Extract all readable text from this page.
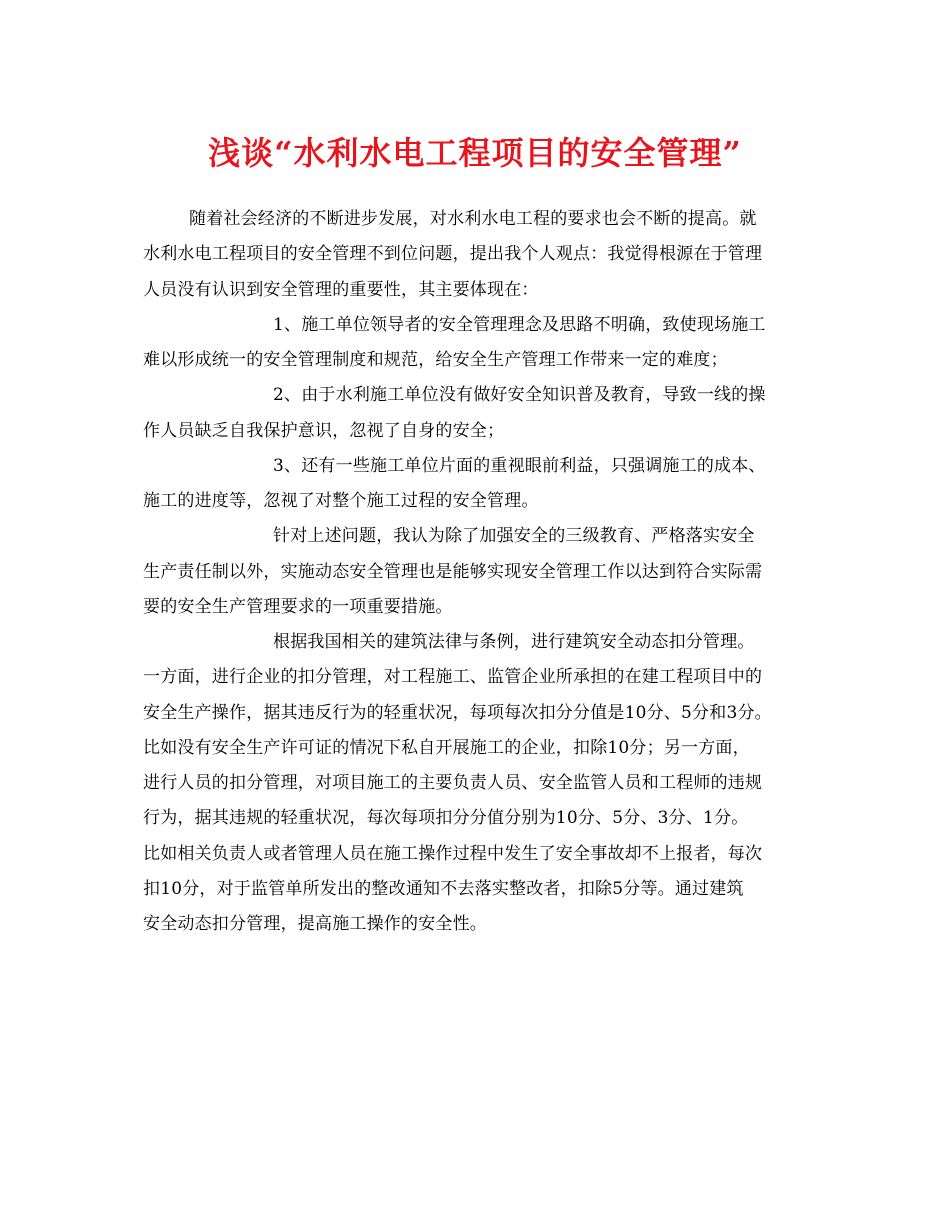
浅谈“水利水电工程项目的安全管理”
随着社会经济的不断进步发展，对水利水电工程的要求也会不断的提高。就
水利水电工程项目的安全管理不到位问题，提出我个人观点：我觉得根源在于管理
人员没有认识到安全管理的重要性，其主要体现在：
1、施工单位领导者的安全管理理念及思路不明确，致使现场施工
难以形成统一的安全管理制度和规范，给安全生产管理工作带来一定的难度；
2、由于水利施工单位没有做好安全知识普及教育，导致一线的操
作人员缺乏自我保护意识，忽视了自身的安全；
3、还有一些施工单位片面的重视眼前利益，只强调施工的成本、
施工的进度等，忽视了对整个施工过程的安全管理。
针对上述问题，我认为除了加强安全的三级教育、严格落实安全
生产责任制以外，实施动态安全管理也是能够实现安全管理工作以达到符合实际需
要的安全生产管理要求的一项重要措施。
根据我国相关的建筑法律与条例，进行建筑安全动态扣分管理。
一方面，进行企业的扣分管理，对工程施工、监管企业所承担的在建工程项目中的
安全生产操作，据其违反行为的轻重状况，每项每次扣分分值是10分、5分和3分。
比如没有安全生产许可证的情况下私自开展施工的企业，扣除10分；另一方面，
进行人员的扣分管理，对项目施工的主要负责人员、安全监管人员和工程师的违规
行为，据其违规的轻重状况，每次每项扣分分值分别为10分、5分、3分、1分。
比如相关负责人或者管理人员在施工操作过程中发生了安全事故却不上报者，每次
扣10分，对于监管单所发出的整改通知不去落实整改者，扣除5分等。通过建筑
安全动态扣分管理，提高施工操作的安全性。
